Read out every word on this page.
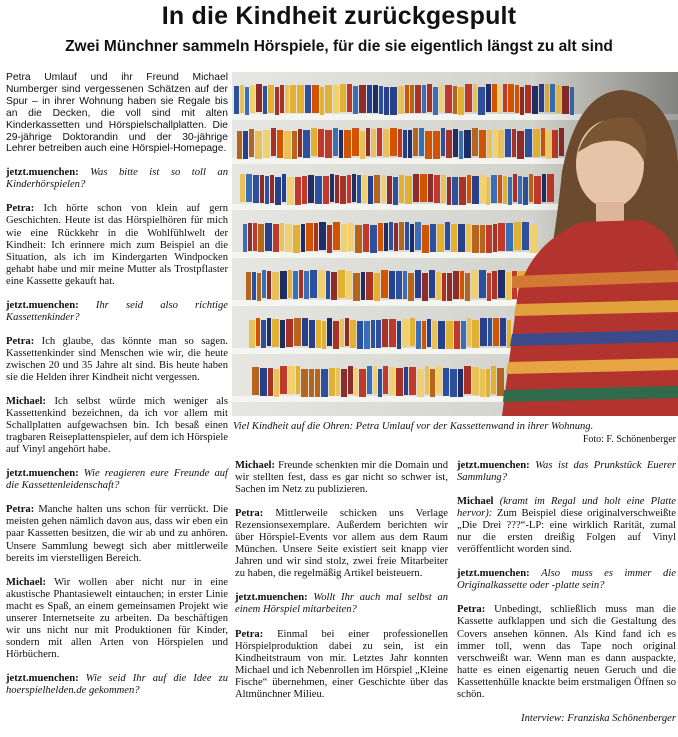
In die Kindheit zurückgespult
Zwei Münchner sammeln Hörspiele, für die sie eigentlich längst zu alt sind

Petra Umlauf und ihr Freund Michael Numberger sind vergessenen Schätzen auf der Spur – in ihrer Wohnung haben sie Regale bis an die Decken, die voll sind mit alten Kinderkassetten und Hörspielschallplatten. Die 29-jährige Doktorandin und der 30-jährige Lehrer betreiben auch eine Hörspiel-Homepage.

jetzt.muenchen: Was bitte ist so toll an Kinderhörspielen?

Petra: Ich hörte schon von klein auf gern Geschichten. Heute ist das Hörspielhören für mich wie eine Rückkehr in die Wohlfühlwelt der Kindheit: Ich erinnere mich zum Beispiel an die Situation, als ich im Kindergarten Windpocken gehabt habe und mir meine Mutter als Trostpflaster eine Kassette gekauft hat.

jetzt.muenchen: Ihr seid also richtige Kassettenkinder?

Petra: Ich glaube, das könnte man so sagen. Kassettenkinder sind Menschen wie wir, die heute zwischen 20 und 35 Jahre alt sind. Bis heute haben sie die Helden ihrer Kindheit nicht vergessen.

Michael: Ich selbst würde mich weniger als Kassettenkind bezeichnen, da ich vor allem mit Schallplatten aufgewachsen bin. Ich besaß einen tragbaren Reiseplattenspieler, auf dem ich Hörspiele auf Vinyl angehört habe.

jetzt.muenchen: Wie reagieren eure Freunde auf die Kassettenleidenschaft?

Petra: Manche halten uns schon für verrückt. Die meisten gehen nämlich davon aus, dass wir eben ein paar Kassetten besitzen, die wir ab und zu anhören. Unsere Sammlung bewegt sich aber mittlerweile bereits im vierstelligen Bereich.

Michael: Wir wollen aber nicht nur in eine akustische Phantasiewelt eintauchen; in erster Linie macht es Spaß, an einem gemeinsamen Projekt wie unserer Internetseite zu arbeiten. Da beschäftigen wir uns nicht nur mit Produktionen für Kinder, sondern mit allen Arten von Hörspielen und Hörbüchern.

jetzt.muenchen: Wie seid Ihr auf die Idee zu hoerspielhelden.de gekommen?

Viel Kindheit auf die Ohren: Petra Umlauf vor der Kassettenwand in ihrer Wohnung.
Foto: F. Schönenberger

Michael: Freunde schenkten mir die Domain und wir stellten fest, dass es gar nicht so schwer ist, Sachen im Netz zu publizieren.

Petra: Mittlerweile schicken uns Verlage Rezensionsexemplare. Außerdem berichten wir über Hörspiel-Events vor allem aus dem Raum München. Unsere Seite existiert seit knapp vier Jahren und wir sind stolz, zwei freie Mitarbeiter zu haben, die regelmäßig Artikel beisteuern.

jetzt.muenchen: Wollt Ihr auch mal selbst an einem Hörspiel mitarbeiten?

Petra: Einmal bei einer professionellen Hörspielproduktion dabei zu sein, ist ein Kindheitstraum von mir. Letztes Jahr konnten Michael und ich Nebenrollen im Hörspiel „Kleine Fische“ übernehmen, einer Geschichte über das Altmünchner Milieu.

jetzt.muenchen: Was ist das Prunkstück Euerer Sammlung?

Michael (kramt im Regal und holt eine Platte hervor): Zum Beispiel diese originalverschweißte „Die Drei ???“-LP: eine wirklich Rarität, zumal nur die ersten dreißig Folgen auf Vinyl veröffentlicht worden sind.

jetzt.muenchen: Also muss es immer die Originalkassette oder -platte sein?

Petra: Unbedingt, schließlich muss man die Kassette aufklappen und sich die Gestaltung des Covers ansehen können. Als Kind fand ich es immer toll, wenn das Tape noch original verschweißt war. Wenn man es dann auspackte, hatte es einen eigenartig neuen Geruch und die Kassettenhülle knackte beim erstmaligen Öffnen so schön.

Interview: Franziska Schönenberger
